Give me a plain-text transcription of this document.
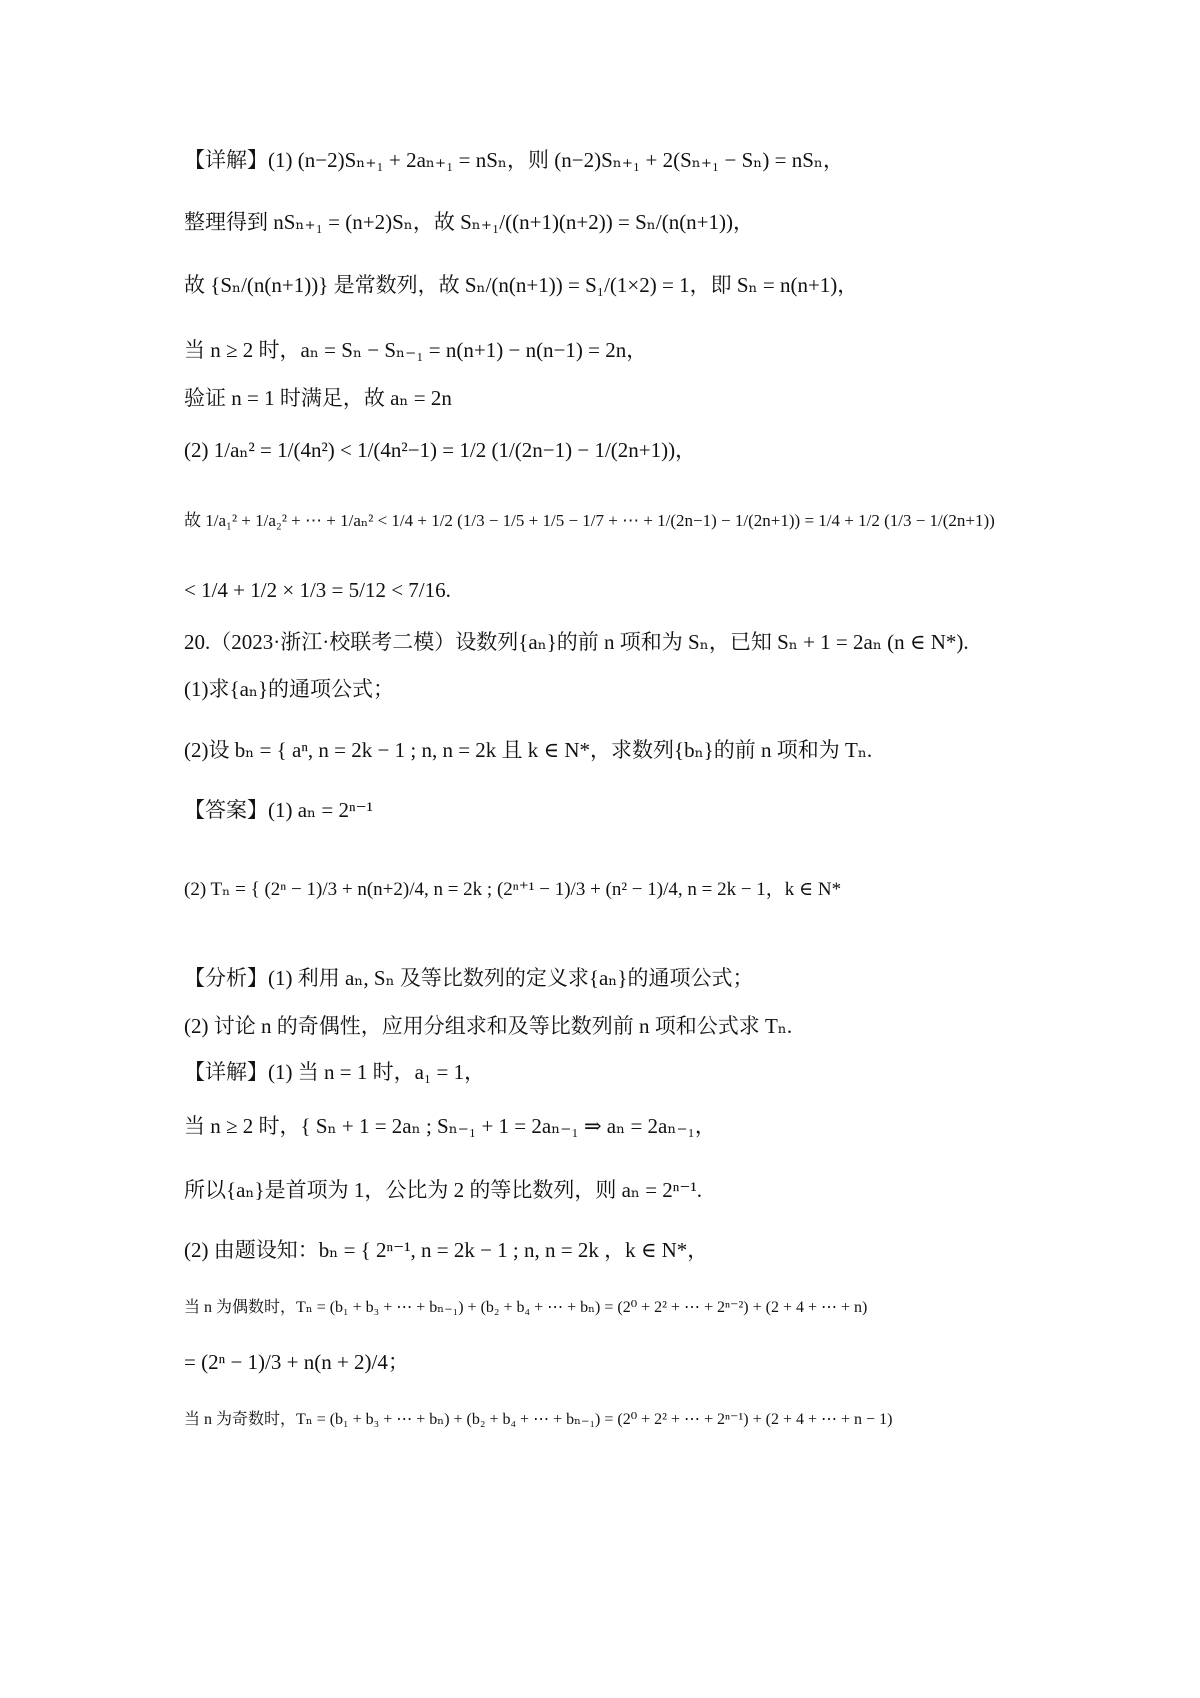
【详解】(1) (n−2)Sₙ₊₁ + 2aₙ₊₁ = nSₙ，则 (n−2)Sₙ₊₁ + 2(Sₙ₊₁ − Sₙ) = nSₙ，
整理得到 nSₙ₊₁ = (n+2)Sₙ，故 Sₙ₊₁/((n+1)(n+2)) = Sₙ/(n(n+1))，
故 {Sₙ/(n(n+1))} 是常数列，故 Sₙ/(n(n+1)) = S₁/(1×2) = 1，即 Sₙ = n(n+1)，
当 n ≥ 2 时，aₙ = Sₙ − Sₙ₋₁ = n(n+1) − n(n−1) = 2n，
验证 n = 1 时满足，故 aₙ = 2n
(2) 1/aₙ² = 1/(4n²) < 1/(4n²−1) = 1/2 (1/(2n−1) − 1/(2n+1))，
故 1/a₁² + 1/a₂² + ⋯ + 1/aₙ² < 1/4 + 1/2 (1/3 − 1/5 + 1/5 − 1/7 + ⋯ + 1/(2n−1) − 1/(2n+1)) = 1/4 + 1/2 (1/3 − 1/(2n+1))
< 1/4 + 1/2 × 1/3 = 5/12 < 7/16.
20.（2023·浙江·校联考二模）设数列{aₙ}的前 n 项和为 Sₙ，已知 Sₙ + 1 = 2aₙ (n ∈ N*).
(1)求{aₙ}的通项公式；
(2)设 bₙ = { aⁿ, n = 2k − 1 ; n, n = 2k 且 k ∈ N*，求数列{bₙ}的前 n 项和为 Tₙ.
【答案】(1) aₙ = 2ⁿ⁻¹
(2) Tₙ = { (2ⁿ − 1)/3 + n(n+2)/4, n = 2k ; (2ⁿ⁺¹ − 1)/3 + (n² − 1)/4, n = 2k − 1，k ∈ N*
【分析】(1) 利用 aₙ, Sₙ 及等比数列的定义求{aₙ}的通项公式；
(2) 讨论 n 的奇偶性，应用分组求和及等比数列前 n 项和公式求 Tₙ.
【详解】(1) 当 n = 1 时，a₁ = 1，
当 n ≥ 2 时，{ Sₙ + 1 = 2aₙ ; Sₙ₋₁ + 1 = 2aₙ₋₁ ⇒ aₙ = 2aₙ₋₁，
所以{aₙ}是首项为 1，公比为 2 的等比数列，则 aₙ = 2ⁿ⁻¹.
(2) 由题设知：bₙ = { 2ⁿ⁻¹, n = 2k − 1 ; n, n = 2k ，k ∈ N*，
当 n 为偶数时，Tₙ = (b₁ + b₃ + ⋯ + bₙ₋₁) + (b₂ + b₄ + ⋯ + bₙ) = (2⁰ + 2² + ⋯ + 2ⁿ⁻²) + (2 + 4 + ⋯ + n)
= (2ⁿ − 1)/3 + n(n + 2)/4；
当 n 为奇数时，Tₙ = (b₁ + b₃ + ⋯ + bₙ) + (b₂ + b₄ + ⋯ + bₙ₋₁) = (2⁰ + 2² + ⋯ + 2ⁿ⁻¹) + (2 + 4 + ⋯ + n − 1)
